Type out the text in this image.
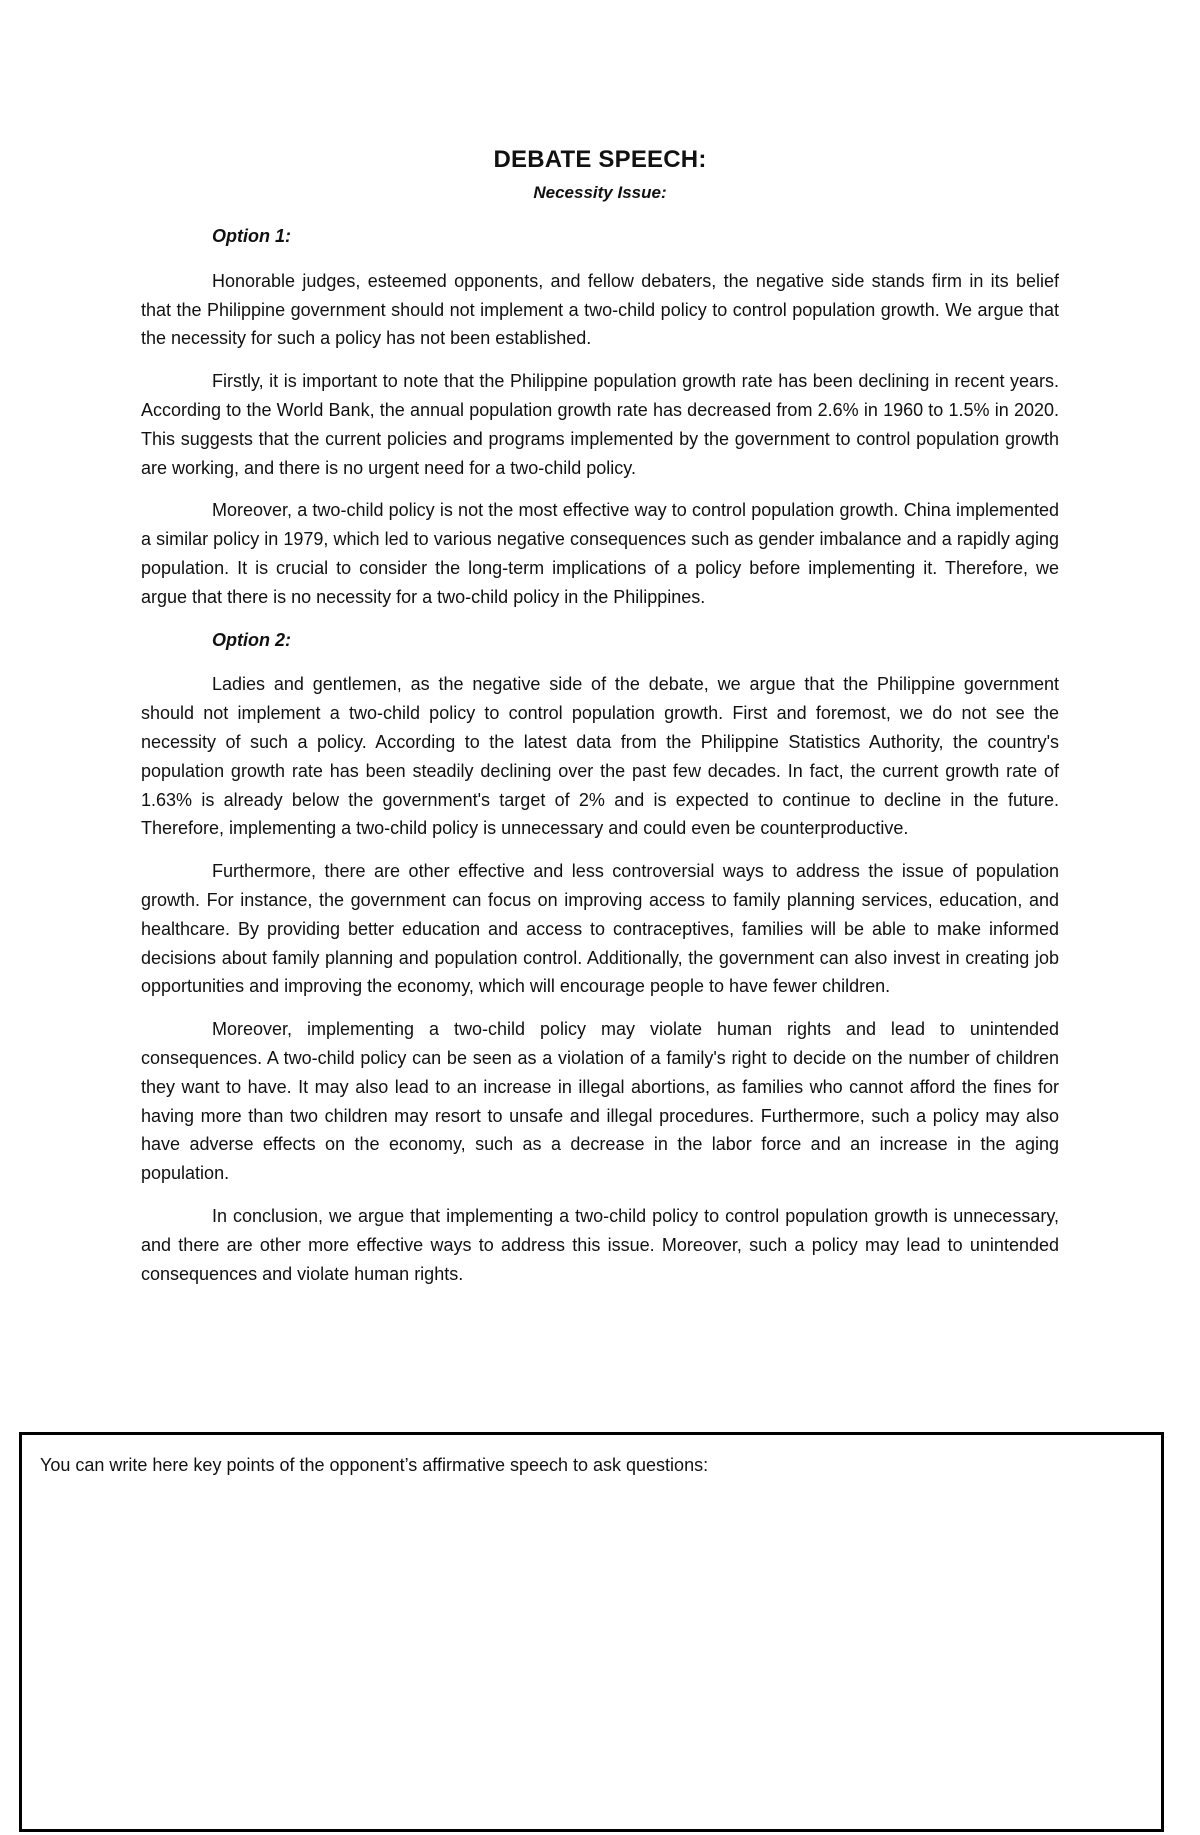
DEBATE SPEECH:
Necessity Issue:
Option 1:

Honorable judges, esteemed opponents, and fellow debaters, the negative side stands firm in its belief that the Philippine government should not implement a two-child policy to control population growth. We argue that the necessity for such a policy has not been established.

Firstly, it is important to note that the Philippine population growth rate has been declining in recent years. According to the World Bank, the annual population growth rate has decreased from 2.6% in 1960 to 1.5% in 2020. This suggests that the current policies and programs implemented by the government to control population growth are working, and there is no urgent need for a two-child policy.

Moreover, a two-child policy is not the most effective way to control population growth. China implemented a similar policy in 1979, which led to various negative consequences such as gender imbalance and a rapidly aging population. It is crucial to consider the long-term implications of a policy before implementing it. Therefore, we argue that there is no necessity for a two-child policy in the Philippines.

Option 2:

Ladies and gentlemen, as the negative side of the debate, we argue that the Philippine government should not implement a two-child policy to control population growth. First and foremost, we do not see the necessity of such a policy. According to the latest data from the Philippine Statistics Authority, the country's population growth rate has been steadily declining over the past few decades. In fact, the current growth rate of 1.63% is already below the government's target of 2% and is expected to continue to decline in the future. Therefore, implementing a two-child policy is unnecessary and could even be counterproductive.

Furthermore, there are other effective and less controversial ways to address the issue of population growth. For instance, the government can focus on improving access to family planning services, education, and healthcare. By providing better education and access to contraceptives, families will be able to make informed decisions about family planning and population control. Additionally, the government can also invest in creating job opportunities and improving the economy, which will encourage people to have fewer children.

Moreover, implementing a two-child policy may violate human rights and lead to unintended consequences. A two-child policy can be seen as a violation of a family's right to decide on the number of children they want to have. It may also lead to an increase in illegal abortions, as families who cannot afford the fines for having more than two children may resort to unsafe and illegal procedures. Furthermore, such a policy may also have adverse effects on the economy, such as a decrease in the labor force and an increase in the aging population.

In conclusion, we argue that implementing a two-child policy to control population growth is unnecessary, and there are other more effective ways to address this issue. Moreover, such a policy may lead to unintended consequences and violate human rights.

You can write here key points of the opponent’s affirmative speech to ask questions:
